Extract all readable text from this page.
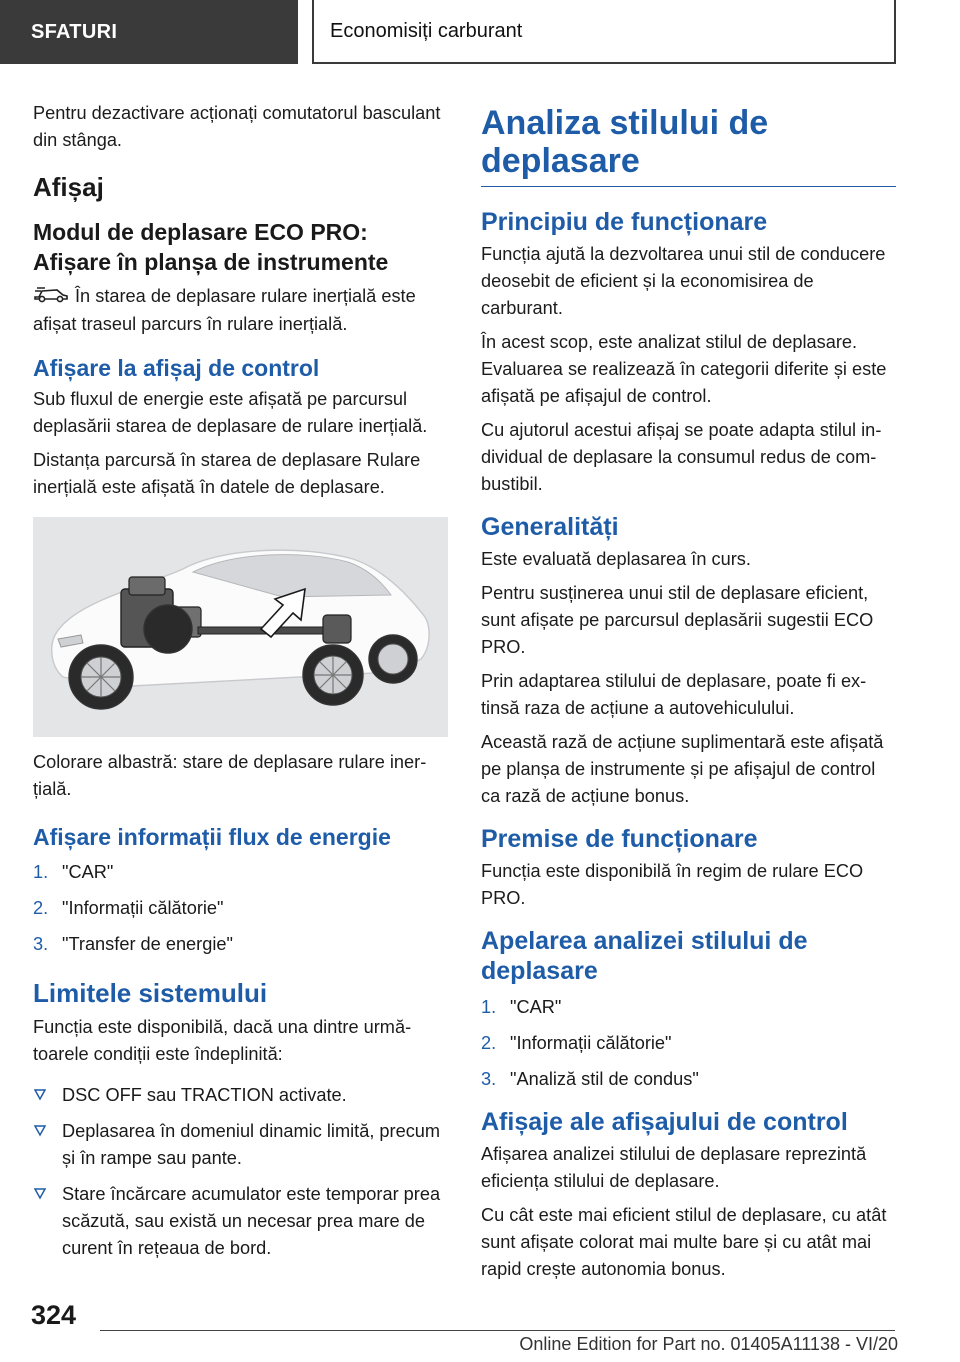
SFATURI	Economisiți carburant

Pentru dezactivare acționați comutatorul basculant din stânga.

Afișaj
Modul de deplasare ECO PRO: Afișare în planșa de instrumente

În starea de deplasare rulare inerțială este afișat traseul parcurs în rulare inerțială.

Afișare la afișaj de control

Sub fluxul de energie este afișată pe parcursul deplasării starea de deplasare de rulare inerțială.

Distanța parcursă în starea de deplasare Rulare inerțială este afișată în datele de deplasare.

Colorare albastră: stare de deplasare rulare inerțială.

Afișare informații flux de energie
1. "CAR"
2. "Informații călătorie"
3. "Transfer de energie"
Limitele sistemului

Funcția este disponibilă, dacă una dintre următoarele condiții este îndeplinită:

DSC OFF sau TRACTION activate.
Deplasarea în domeniul dinamic limită, precum și în rampe sau pante.
Stare încărcare acumulator este temporar prea scăzută, sau există un necesar prea mare de curent în rețeaua de bord.
Analiza stilului de deplasare
Principiu de funcționare

Funcția ajută la dezvoltarea unui stil de conducere deosebit de eficient și la economisirea de carburant.

În acest scop, este analizat stilul de deplasare. Evaluarea se realizează în categorii diferite și este afișată pe afișajul de control.

Cu ajutorul acestui afișaj se poate adapta stilul individual de deplasare la consumul redus de combustibil.

Generalități

Este evaluată deplasarea în curs.

Pentru susținerea unui stil de deplasare eficient, sunt afișate pe parcursul deplasării sugestii ECO PRO.

Prin adaptarea stilului de deplasare, poate fi extinsă raza de acțiune a autovehiculului.

Această rază de acțiune suplimentară este afișată pe planșa de instrumente și pe afișajul de control ca rază de acțiune bonus.

Premise de funcționare

Funcția este disponibilă în regim de rulare ECO PRO.

Apelarea analizei stilului de deplasare
1. "CAR"
2. "Informații călătorie"
3. "Analiză stil de condus"
Afișaje ale afișajului de control

Afișarea analizei stilului de deplasare reprezintă eficiența stilului de deplasare.

Cu cât este mai eficient stilul de deplasare, cu atât sunt afișate colorat mai multe bare și cu atât mai rapid crește autonomia bonus.

324
Online Edition for Part no. 01405A11138 - VI/20
